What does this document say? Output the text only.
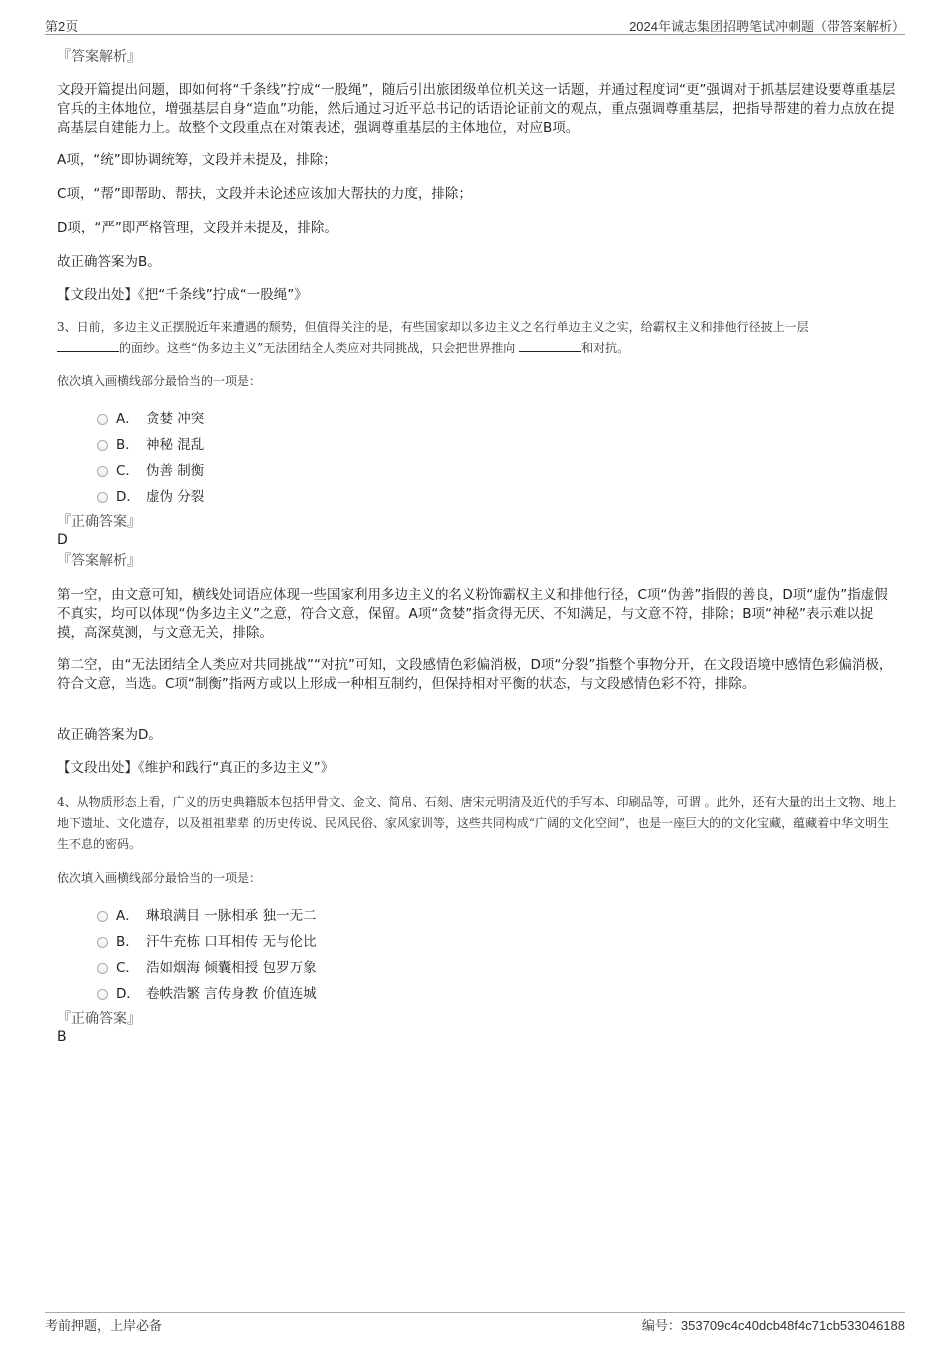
第2页	2024年诚志集团招聘笔试冲刺题（带答案解析）
『答案解析』
文段开篇提出问题，即如何将“千条线”拧成“一股绳”，随后引出旅团级单位机关这一话题，并通过程度词“更”强调对于抓基层建设要尊重基层官兵的主体地位，增强基层自身“造血”功能，然后通过习近平总书记的话语论证前文的观点，重点强调尊重基层，把指导帮建的着力点放在提高基层自建能力上。故整个文段重点在对策表述，强调尊重基层的主体地位，对应B项。
A项，“统”即协调统筹，文段并未提及，排除；
C项，“帮”即帮助、帮扶，文段并未论述应该加大帮扶的力度，排除；
D项，“严”即严格管理，文段并未提及，排除。
故正确答案为B。
【文段出处】《把“千条线”拧成“一股绳”》
3、日前，多边主义正摆脱近年来遭遇的颓势，但值得关注的是，有些国家却以多边主义之名行单边主义之实，给霸权主义和排他行径披上一层
的面纱。这些“伪多边主义”无法团结全人类应对共同挑战，只会把世界推向	和对抗。
依次填入画横线部分最恰当的一项是：
A． 贪婪 冲突
B． 神秘 混乱
C． 伪善 制衡
D． 虚伪 分裂
『正确答案』
D
『答案解析』
第一空，由文意可知，横线处词语应体现一些国家利用多边主义的名义粉饰霸权主义和排他行径，C项“伪善”指假的善良，D项“虚伪”指虚假不真实，均可以体现“伪多边主义”之意，符合文意，保留。A项“贪婪”指贪得无厌、不知满足，与文意不符，排除；B项“神秘”表示难以捉摸，高深莫测，与文意无关，排除。
第二空，由“无法团结全人类应对共同挑战”“对抗”可知，文段感情色彩偏消极，D项“分裂”指整个事物分开，在文段语境中感情色彩偏消极，符合文意，当选。C项“制衡”指两方或以上形成一种相互制约，但保持相对平衡的状态，与文段感情色彩不符，排除。
故正确答案为D。
【文段出处】《维护和践行“真正的多边主义”》
4、从物质形态上看，广义的历史典籍版本包括甲骨文、金文、简帛、石刻、唐宋元明清及近代的手写本、印刷品等，可谓 。此外，还有大量的出土文物、地上地下遗址、文化遗存，以及祖祖辈辈 的历史传说、民风民俗、家风家训等，这些共同构成“广阔的文化空间”，也是一座巨大的的文化宝藏，蕴藏着中华文明生生不息的密码。
依次填入画横线部分最恰当的一项是：
A． 琳琅满目 一脉相承 独一无二
B． 汗牛充栋 口耳相传 无与伦比
C． 浩如烟海 倾囊相授 包罗万象
D． 卷帙浩繁 言传身教 价值连城
『正确答案』
B
考前押题，上岸必备	编号：353709c4c40dcb48f4c71cb533046188
